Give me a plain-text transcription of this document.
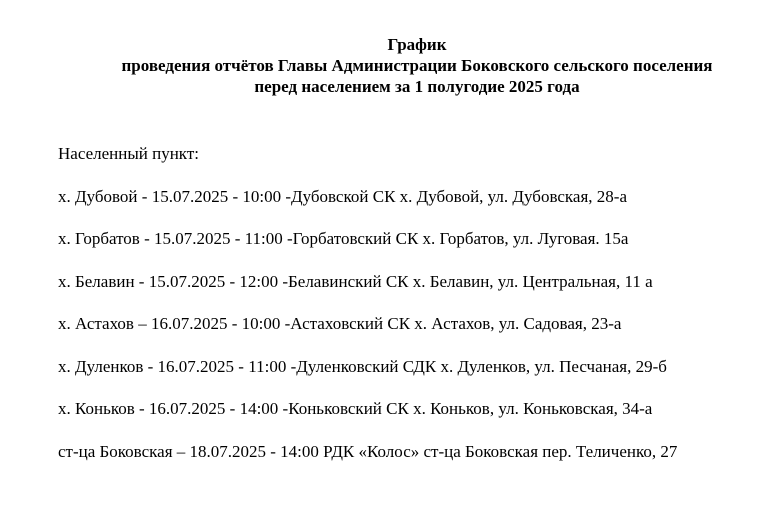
График
проведения отчётов Главы Администрации Боковского сельского поселения
перед населением за 1 полугодие 2025 года
Населенный пункт:
х. Дубовой - 15.07.2025 - 10:00 -Дубовской СК х. Дубовой, ул. Дубовская, 28-а
х. Горбатов - 15.07.2025 - 11:00 -Горбатовский СК х. Горбатов, ул. Луговая. 15а
х. Белавин - 15.07.2025 - 12:00 -Белавинский СК х. Белавин, ул. Центральная, 11 а
х. Астахов – 16.07.2025 - 10:00 -Астаховский СК х. Астахов, ул. Садовая, 23-а
х. Дуленков - 16.07.2025 - 11:00 -Дуленковский СДК х. Дуленков, ул. Песчаная, 29-б
х. Коньков - 16.07.2025 - 14:00 -Коньковский СК х. Коньков, ул. Коньковская, 34-а
ст-ца Боковская – 18.07.2025 - 14:00 РДК «Колос» ст-ца Боковская пер. Теличенко, 27
